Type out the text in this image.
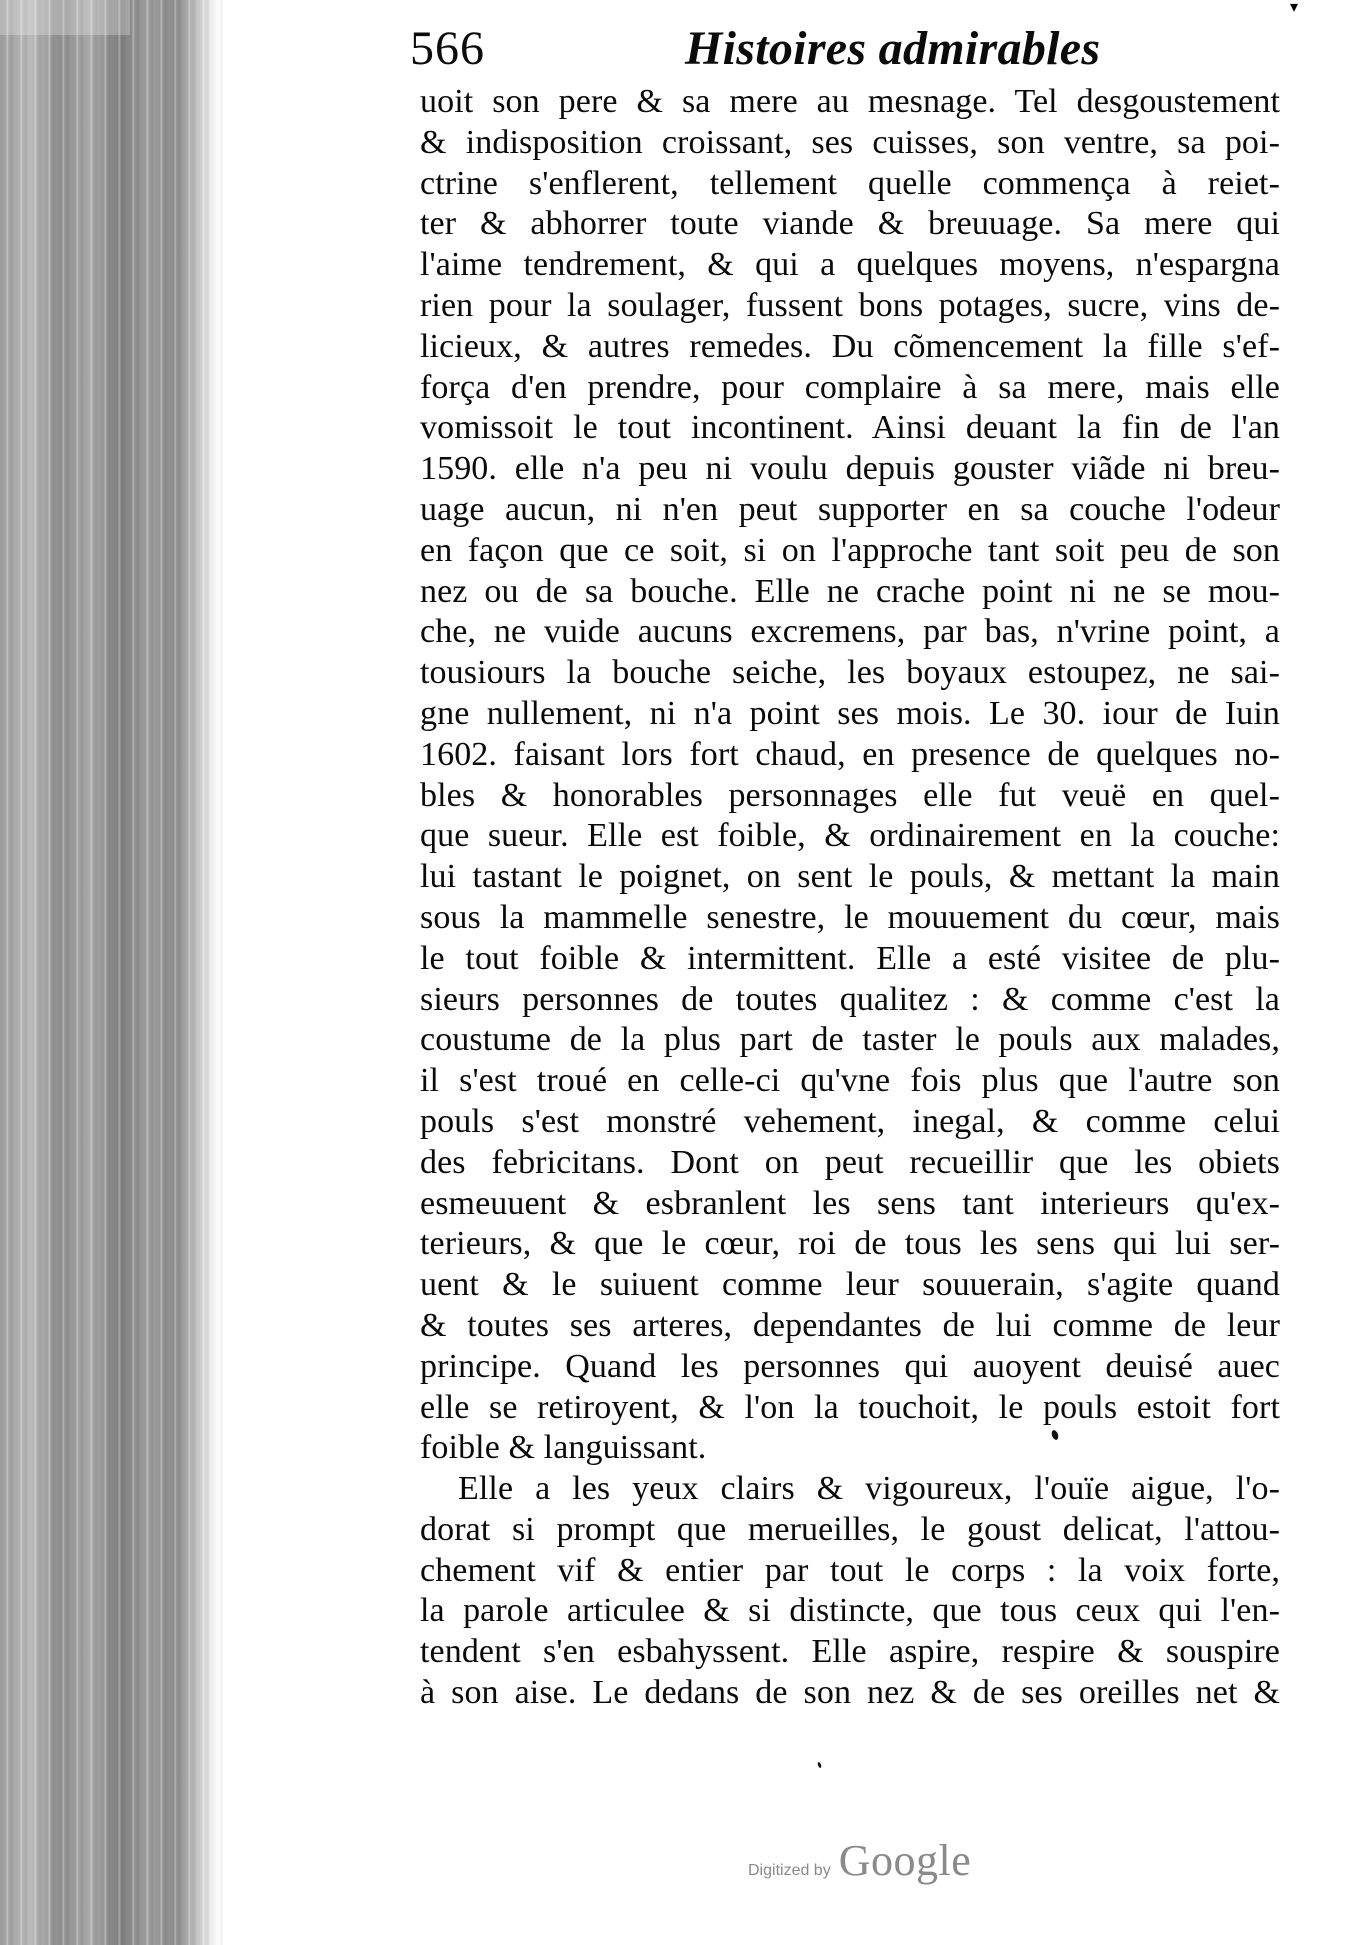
▾
566	Histoires admirables
uoit son pere & sa mere au mesnage. Tel desgoustement
& indisposition croissant, ses cuisses, son ventre, sa poi-
ctrine s'enflerent, tellement quelle commença à reiet-
ter & abhorrer toute viande & breuuage. Sa mere qui
l'aime tendrement, & qui a quelques moyens, n'espargna
rien pour la soulager, fussent bons potages, sucre, vins de-
licieux, & autres remedes. Du cõmencement la fille s'ef-
força d'en prendre, pour complaire à sa mere, mais elle
vomissoit le tout incontinent. Ainsi deuant la fin de l'an
1590. elle n'a peu ni voulu depuis gouster viãde ni breu-
uage aucun, ni n'en peut supporter en sa couche l'odeur
en façon que ce soit, si on l'approche tant soit peu de son
nez ou de sa bouche. Elle ne crache point ni ne se mou-
che, ne vuide aucuns excremens, par bas, n'vrine point, a
tousiours la bouche seiche, les boyaux estoupez, ne sai-
gne nullement, ni n'a point ses mois. Le 30. iour de Iuin
1602. faisant lors fort chaud, en presence de quelques no-
bles & honorables personnages elle fut veuë en quel-
que sueur. Elle est foible, & ordinairement en la couche:
lui tastant le poignet, on sent le pouls, & mettant la main
sous la mammelle senestre, le mouuement du cœur, mais
le tout foible & intermittent. Elle a esté visitee de plu-
sieurs personnes de toutes qualitez : & comme c'est la
coustume de la plus part de taster le pouls aux malades,
il s'est troué en celle-ci qu'vne fois plus que l'autre son
pouls s'est monstré vehement, inegal, & comme celui
des febricitans. Dont on peut recueillir que les obiets
esmeuuent & esbranlent les sens tant interieurs qu'ex-
terieurs, & que le cœur, roi de tous les sens qui lui ser-
uent & le suiuent comme leur souuerain, s'agite quand
& toutes ses arteres, dependantes de lui comme de leur
principe. Quand les personnes qui auoyent deuisé auec
elle se retiroyent, & l'on la touchoit, le pouls estoit fort
foible & languissant.
Elle a les yeux clairs & vigoureux, l'ouïe aigue, l'o-
dorat si prompt que merueilles, le goust delicat, l'attou-
chement vif & entier par tout le corps : la voix forte,
la parole articulee & si distincte, que tous ceux qui l'en-
tendent s'en esbahyssent. Elle aspire, respire & souspire
à son aise. Le dedans de son nez & de ses oreilles net &
Digitized by Google
